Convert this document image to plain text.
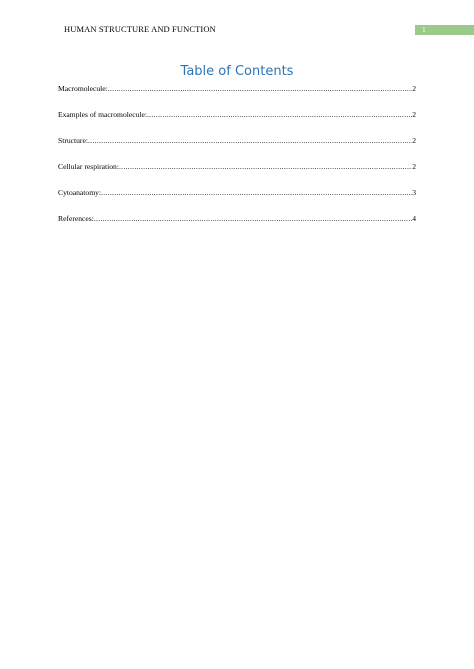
HUMAN STRUCTURE AND FUNCTION	1
Table of Contents
Macromolecule: .....	2
Examples of macromolecule: .....	2
Structure: .....	2
Cellular respiration: .....	2
Cytoanatomy: .....	3
References: .....	4
